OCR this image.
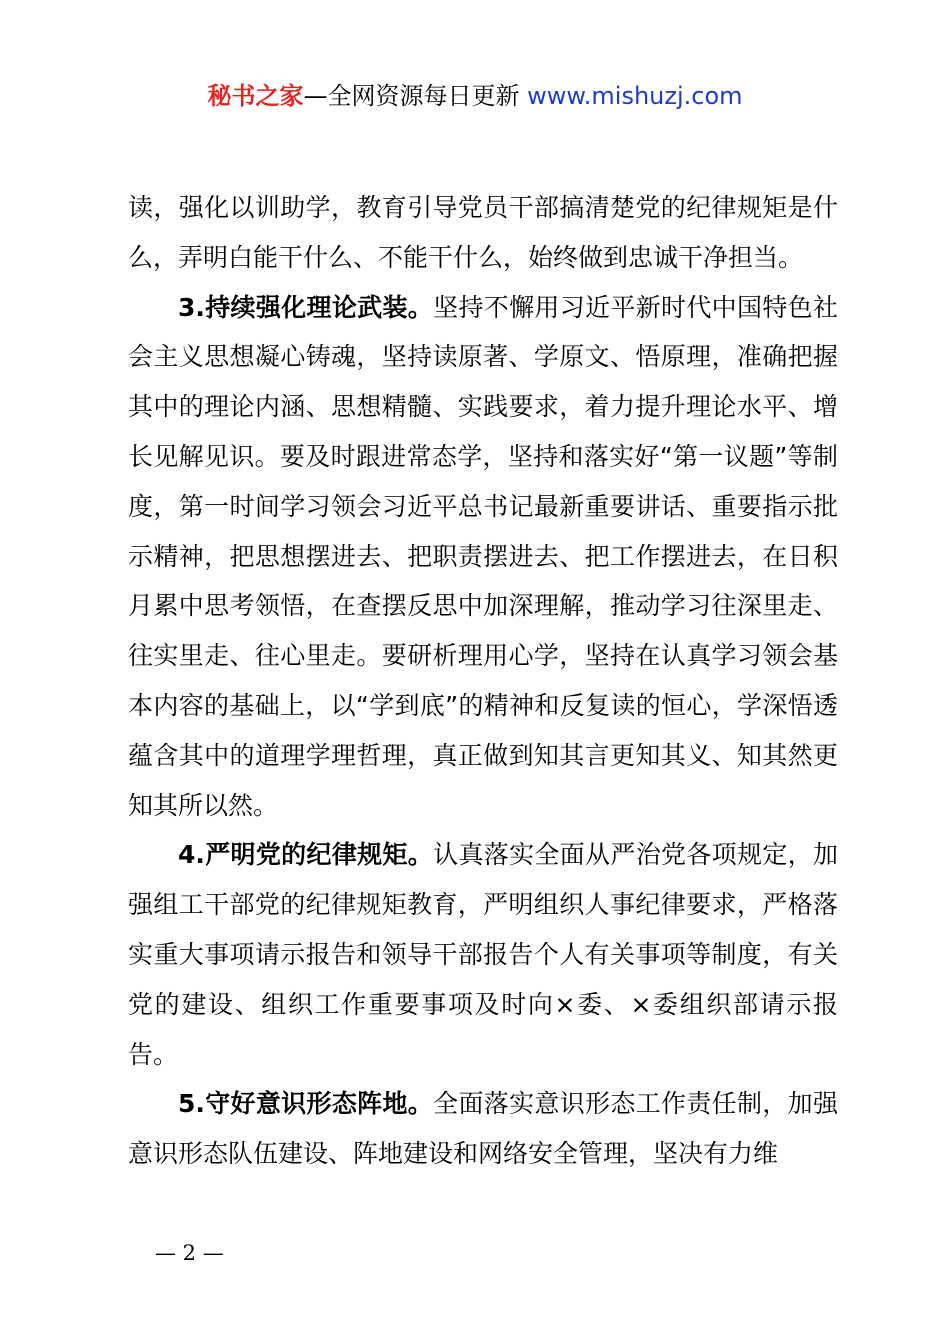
秘书之家—全网资源每日更新 www.mishuzj.com

读，强化以训助学，教育引导党员干部搞清楚党的纪律规矩是什么，弄明白能干什么、不能干什么，始终做到忠诚干净担当。

3.持续强化理论武装。坚持不懈用习近平新时代中国特色社会主义思想凝心铸魂，坚持读原著、学原文、悟原理，准确把握其中的理论内涵、思想精髓、实践要求，着力提升理论水平、增长见解见识。要及时跟进常态学，坚持和落实好“第一议题”等制度，第一时间学习领会习近平总书记最新重要讲话、重要指示批示精神，把思想摆进去、把职责摆进去、把工作摆进去，在日积月累中思考领悟，在查摆反思中加深理解，推动学习往深里走、往实里走、往心里走。要研析理用心学，坚持在认真学习领会基本内容的基础上，以“学到底”的精神和反复读的恒心，学深悟透蕴含其中的道理学理哲理，真正做到知其言更知其义、知其然更知其所以然。

4.严明党的纪律规矩。认真落实全面从严治党各项规定，加强组工干部党的纪律规矩教育，严明组织人事纪律要求，严格落实重大事项请示报告和领导干部报告个人有关事项等制度，有关党的建设、组织工作重要事项及时向×委、×委组织部请示报告。

5.守好意识形态阵地。全面落实意识形态工作责任制，加强意识形态队伍建设、阵地建设和网络安全管理，坚决有力维

— 2 —
